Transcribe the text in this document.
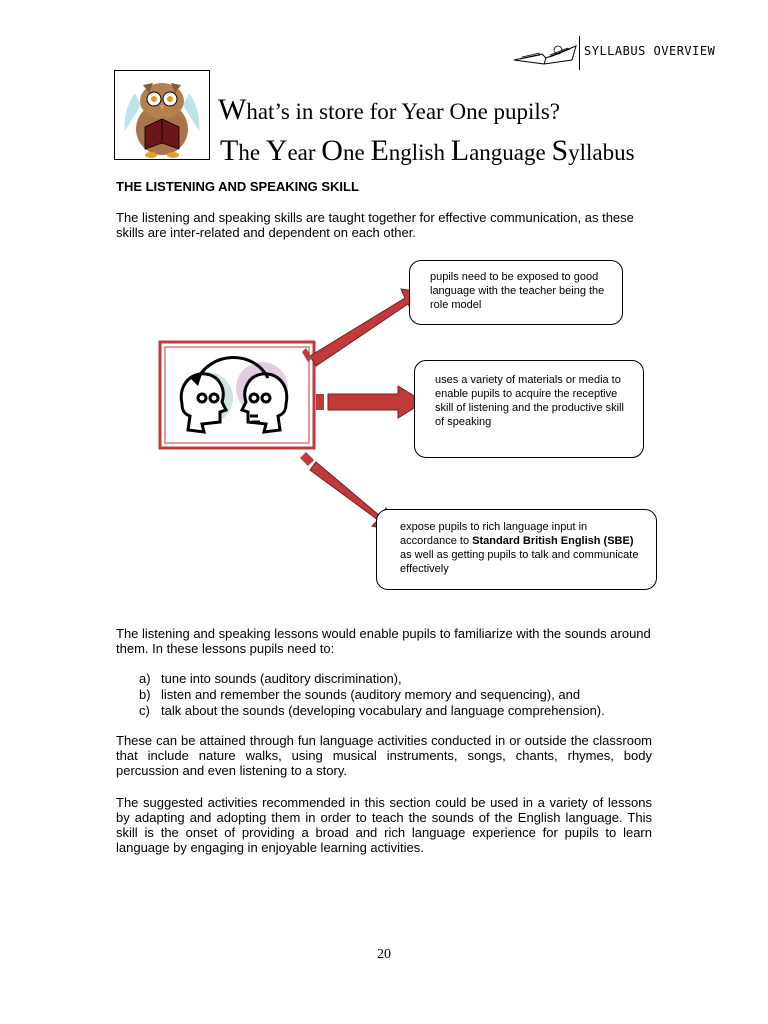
SYLLABUS OVERVIEW
What’s in store for Year One pupils?
The Year One English Language Syllabus
THE LISTENING AND SPEAKING SKILL
The listening and speaking skills are taught together for effective communication, as these skills are inter-related and dependent on each other.
pupils need to be exposed to good language with the teacher being the role model
uses a variety of materials or media to enable pupils to acquire the receptive skill of listening and the productive skill of speaking
expose pupils to rich language input in accordance to Standard British English (SBE) as well as getting pupils to talk and communicate effectively
The listening and speaking lessons would enable pupils to familiarize with the sounds around them. In these lessons pupils need to:
a) tune into sounds (auditory discrimination),
b) listen and remember the sounds (auditory memory and sequencing), and
c) talk about the sounds (developing vocabulary and language comprehension).
These can be attained through fun language activities conducted in or outside the classroom that include nature walks, using musical instruments, songs, chants, rhymes, body percussion and even listening to a story.
The suggested activities recommended in this section could be used in a variety of lessons by adapting and adopting them in order to teach the sounds of the English language. This skill is the onset of providing a broad and rich language experience for pupils to learn language by engaging in enjoyable learning activities.
20
